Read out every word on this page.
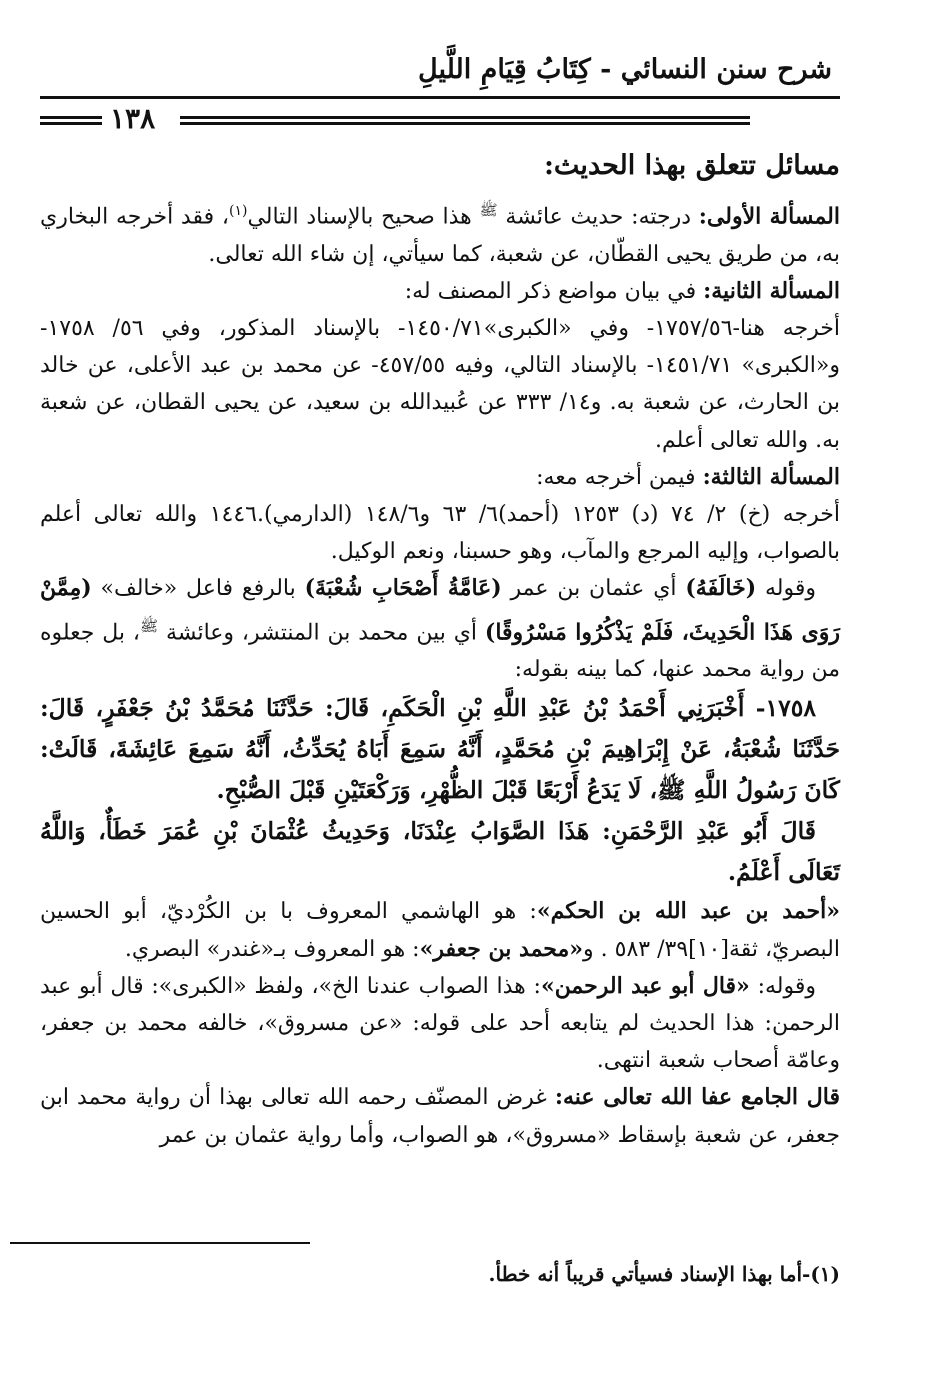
شرح سنن النسائي - كِتَابُ قِيَامِ اللَّيلِ
١٣٨
مسائل تتعلق بهذا الحديث:

المسألة الأولى: درجته: حديث عائشة $^ﷺ$ هذا صحيح بالإسناد التالي$^{(١)}$، فقد أخرجه البخاري به، من طريق يحيى القطّان، عن شعبة، كما سيأتي، إن شاء الله تعالى.

المسألة الثانية: في بيان مواضع ذكر المصنف له:

أخرجه هنا-١٧٥٧/٥٦- وفي «الكبرى»١٤٥٠/٧١- بالإسناد المذكور، وفي ٥٦/ ١٧٥٨- و«الكبرى» ١٤٥١/٧١- بالإسناد التالي، وفيه ٤٥٧/٥٥- عن محمد بن عبد الأعلى، عن خالد بن الحارث، عن شعبة به. و١٤/ ٣٣٣ عن عُبيدالله بن سعيد، عن يحيى القطان، عن شعبة به. والله تعالى أعلم.

المسألة الثالثة: فيمن أخرجه معه:

أخرجه (خ) ٢/ ٧٤ (د) ١٢٥٣ (أحمد)٦/ ٦٣ و١٤٨/٦ (الدارمي).١٤٤٦ والله تعالى أعلم بالصواب، وإليه المرجع والمآب، وهو حسبنا، ونعم الوكيل.

وقوله (خَالَفَهُ) أي عثمان بن عمر (عَامَّةُ أَصْحَابِ شُعْبَةَ) بالرفع فاعل «خالف» (مِمَّنْ رَوَى هَذَا الْحَدِيثَ، فَلَمْ يَذْكُرُوا مَسْرُوقًا) أي بين محمد بن المنتشر، وعائشة $^ﷺ$، بل جعلوه من رواية محمد عنها، كما بينه بقوله:

١٧٥٨- أَخْبَرَنِي أَحْمَدُ بْنُ عَبْدِ اللَّهِ بْنِ الْحَكَمِ، قَالَ: حَدَّثَنَا مُحَمَّدُ بْنُ جَعْفَرٍ، قَالَ: حَدَّثَنَا شُعْبَةُ، عَنْ إِبْرَاهِيمَ بْنِ مُحَمَّدٍ، أَنَّهُ سَمِعَ أَبَاهُ يُحَدِّثُ، أَنَّهُ سَمِعَ عَائِشَةَ، قَالَتْ: كَانَ رَسُولُ اللَّهِ ﷺ، لَا يَدَعُ أَرْبَعًا قَبْلَ الظُّهْرِ، وَرَكْعَتَيْنِ قَبْلَ الصُّبْحِ.

قَالَ أَبُو عَبْدِ الرَّحْمَنِ: هَذَا الصَّوَابُ عِنْدَنَا، وَحَدِيثُ عُثْمَانَ بْنِ عُمَرَ خَطَأٌ، وَاللَّهُ تَعَالَى أَعْلَمُ.

«أحمد بن عبد الله بن الحكم»: هو الهاشمي المعروف با بن الكُرْديّ، أبو الحسين البصريّ، ثقة[١٠]٣٩/ ٥٨٣ . و«محمد بن جعفر»: هو المعروف بـ«غندر» البصري.

وقوله: «قال أبو عبد الرحمن»: هذا الصواب عندنا الخ»، ولفظ «الكبرى»: قال أبو عبد الرحمن: هذا الحديث لم يتابعه أحد على قوله: «عن مسروق»، خالفه محمد بن جعفر، وعامّة أصحاب شعبة انتهى.

قال الجامع عفا الله تعالى عنه: غرض المصنّف رحمه الله تعالى بهذا أن رواية محمد ابن جعفر، عن شعبة بإسقاط «مسروق»، هو الصواب، وأما رواية عثمان بن عمر

(١)-أما بهذا الإسناد فسيأتي قريباً أنه خطأ.
